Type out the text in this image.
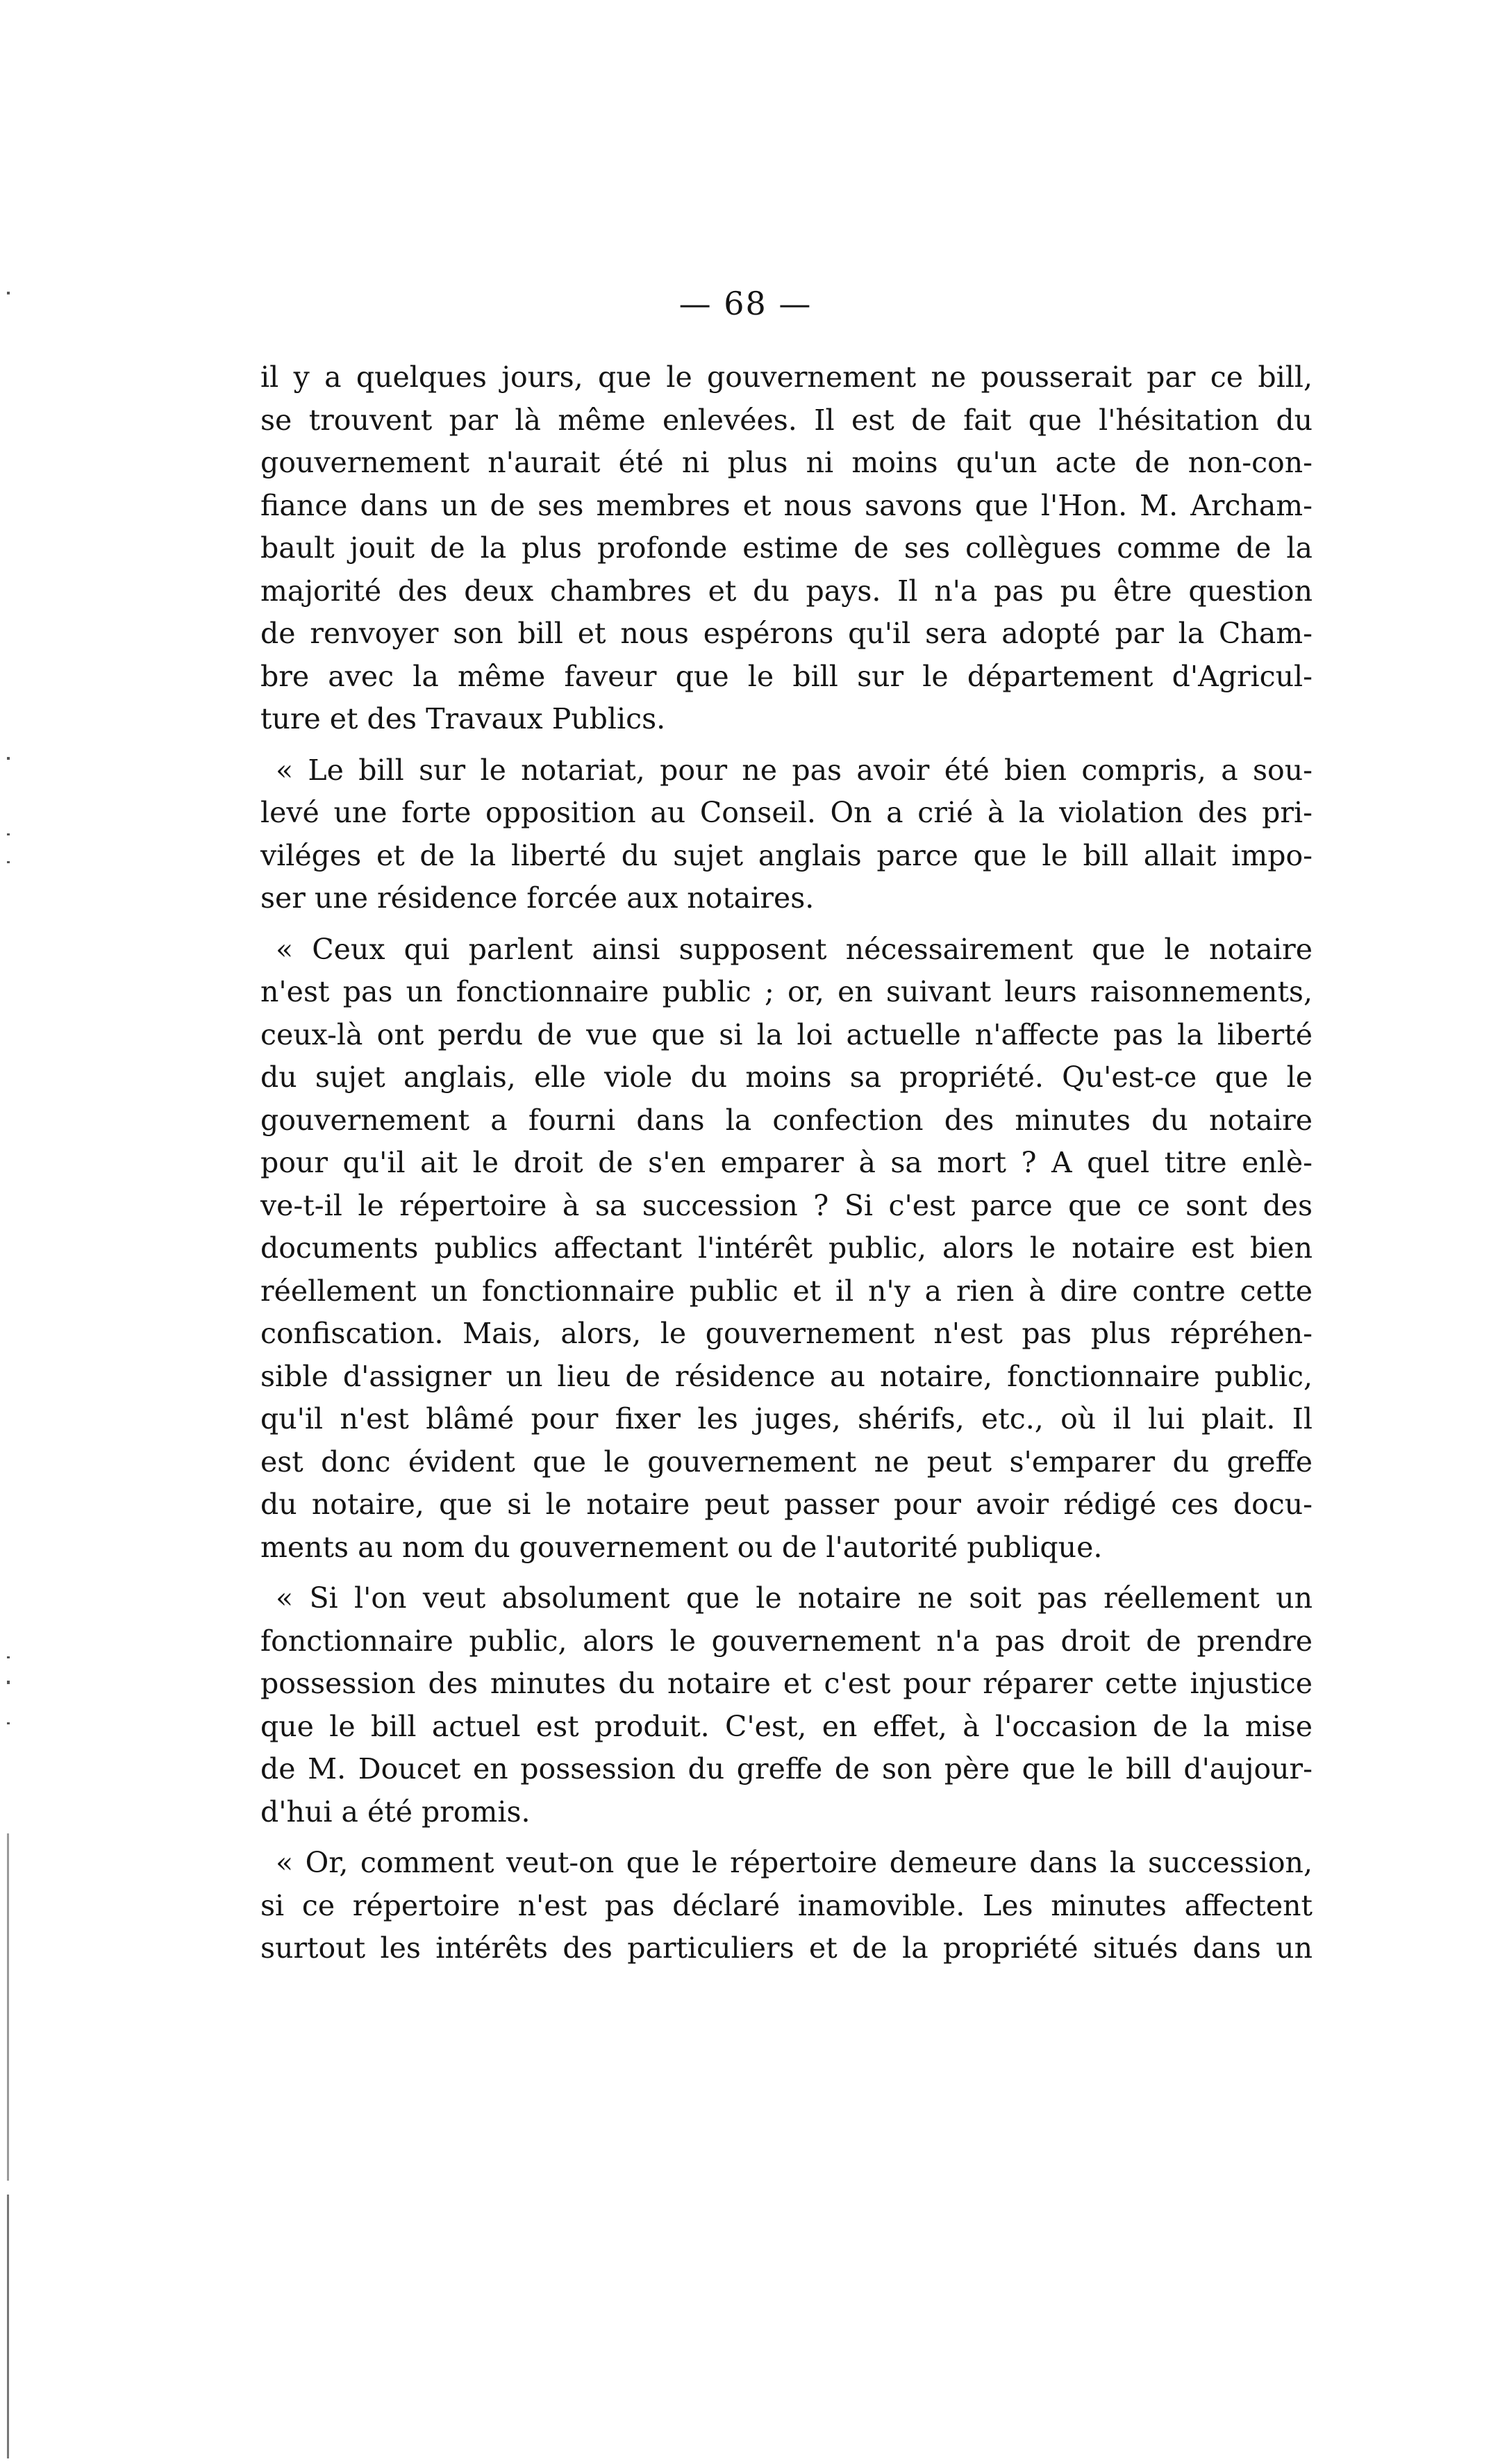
— 68 —
il y a quelques jours, que le gouvernement ne pousserait par ce bill,
se trouvent par là même enlevées. Il est de fait que l'hésitation du
gouvernement n'aurait été ni plus ni moins qu'un acte de non-con-
fiance dans un de ses membres et nous savons que l'Hon. M. Archam-
bault jouit de la plus profonde estime de ses collègues comme de la
majorité des deux chambres et du pays. Il n'a pas pu être question
de renvoyer son bill et nous espérons qu'il sera adopté par la Cham-
bre avec la même faveur que le bill sur le département d'Agricul-
ture et des Travaux Publics.
« Le bill sur le notariat, pour ne pas avoir été bien compris, a sou-
levé une forte opposition au Conseil. On a crié à la violation des pri-
viléges et de la liberté du sujet anglais parce que le bill allait impo-
ser une résidence forcée aux notaires.
« Ceux qui parlent ainsi supposent nécessairement que le notaire
n'est pas un fonctionnaire public ; or, en suivant leurs raisonnements,
ceux-là ont perdu de vue que si la loi actuelle n'affecte pas la liberté
du sujet anglais, elle viole du moins sa propriété. Qu'est-ce que le
gouvernement a fourni dans la confection des minutes du notaire
pour qu'il ait le droit de s'en emparer à sa mort ? A quel titre enlè-
ve-t-il le répertoire à sa succession ? Si c'est parce que ce sont des
documents publics affectant l'intérêt public, alors le notaire est bien
réellement un fonctionnaire public et il n'y a rien à dire contre cette
confiscation. Mais, alors, le gouvernement n'est pas plus répréhen-
sible d'assigner un lieu de résidence au notaire, fonctionnaire public,
qu'il n'est blâmé pour fixer les juges, shérifs, etc., où il lui plait. Il
est donc évident que le gouvernement ne peut s'emparer du greffe
du notaire, que si le notaire peut passer pour avoir rédigé ces docu-
ments au nom du gouvernement ou de l'autorité publique.
« Si l'on veut absolument que le notaire ne soit pas réellement un
fonctionnaire public, alors le gouvernement n'a pas droit de prendre
possession des minutes du notaire et c'est pour réparer cette injustice
que le bill actuel est produit. C'est, en effet, à l'occasion de la mise
de M. Doucet en possession du greffe de son père que le bill d'aujour-
d'hui a été promis.
« Or, comment veut-on que le répertoire demeure dans la succession,
si ce répertoire n'est pas déclaré inamovible. Les minutes affectent
surtout les intérêts des particuliers et de la propriété situés dans un
